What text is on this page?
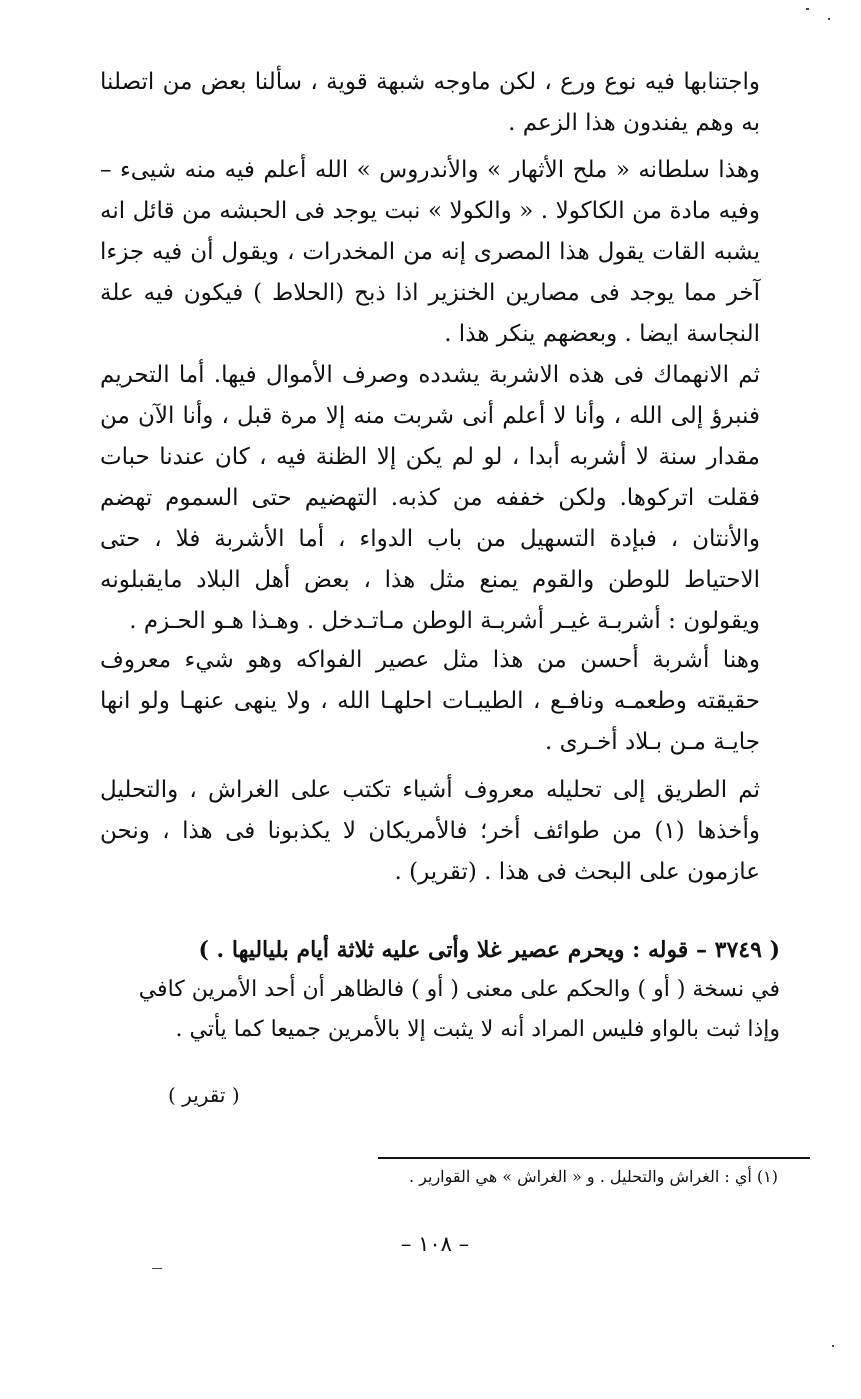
واجتنابها فيه نوع ورع ، لكن ماوجه شبهة قوية ، سألنا بعض من اتصلنا به وهم يفندون هذا الزعم .

وهذا سلطانه « ملح الأثهار » والأندروس » الله أعلم فيه منه شيىء – وفيه مادة من الكاكولا . « والكولا » نبت يوجد فى الحبشه من قائل انه يشبه القات يقول هذا المصرى إنه من المخدرات ، ويقول أن فيه جزءا آخر مما يوجد فى مصارين الخنزير اذا ذبح (الحلاط ) فيكون فيه علة النجاسة ايضا . وبعضهم ينكر هذا .

ثم الانهماك فى هذه الاشربة يشدده وصرف الأموال فيها. أما التحريم فنبرؤ إلى الله ، وأنا لا أعلم أنى شربت منه إلا مرة قبل ، وأنا الآن من مقدار سنة لا أشربه أبدا ، لو لم يكن إلا الظنة فيه ، كان عندنا حبات فقلت اتركوها. ولكن خففه من كذبه. التهضيم حتى السموم تهضم والأنتان ، فبإدة التسهيل من باب الدواء ، أما الأشربة فلا ، حتى الاحتياط للوطن والقوم يمنع مثل هذا ، بعض أهل البلاد مايقبلونه ويقولون : أشربـة غيـر أشربـة الوطن مـاتـدخل . وهـذا هـو الحـزم .

وهنا أشربة أحسن من هذا مثل عصير الفواكه وهو شيء معروف حقيقته وطعمـه ونافـع ، الطيبـات احلهـا الله ، ولا ينهى عنهـا ولو انها جايـة مـن بـلاد أخـرى .

ثم الطريق إلى تحليله معروف أشياء تكتب على الغراش ، والتحليل وأخذها (١) من طوائف أخر؛ فالأمريكان لا يكذبونا فى هذا ، ونحن عازمون على البحث فى هذا . (تقرير) .

( ٣٧٤٩ – قوله : ويحرم عصير غلا وأتى عليه ثلاثة أيام بلياليها . )
في نسخة ( أو ) والحكم على معنى ( أو ) فالظاهر أن أحد الأمرين كافي
وإذا ثبت بالواو فليس المراد أنه لا يثبت إلا بالأمرين جميعا كما يأتي .
( تقرير )
(١) أي : الغراش والتحليل . و « الغراش » هي القوارير .
– ١٠٨ –
